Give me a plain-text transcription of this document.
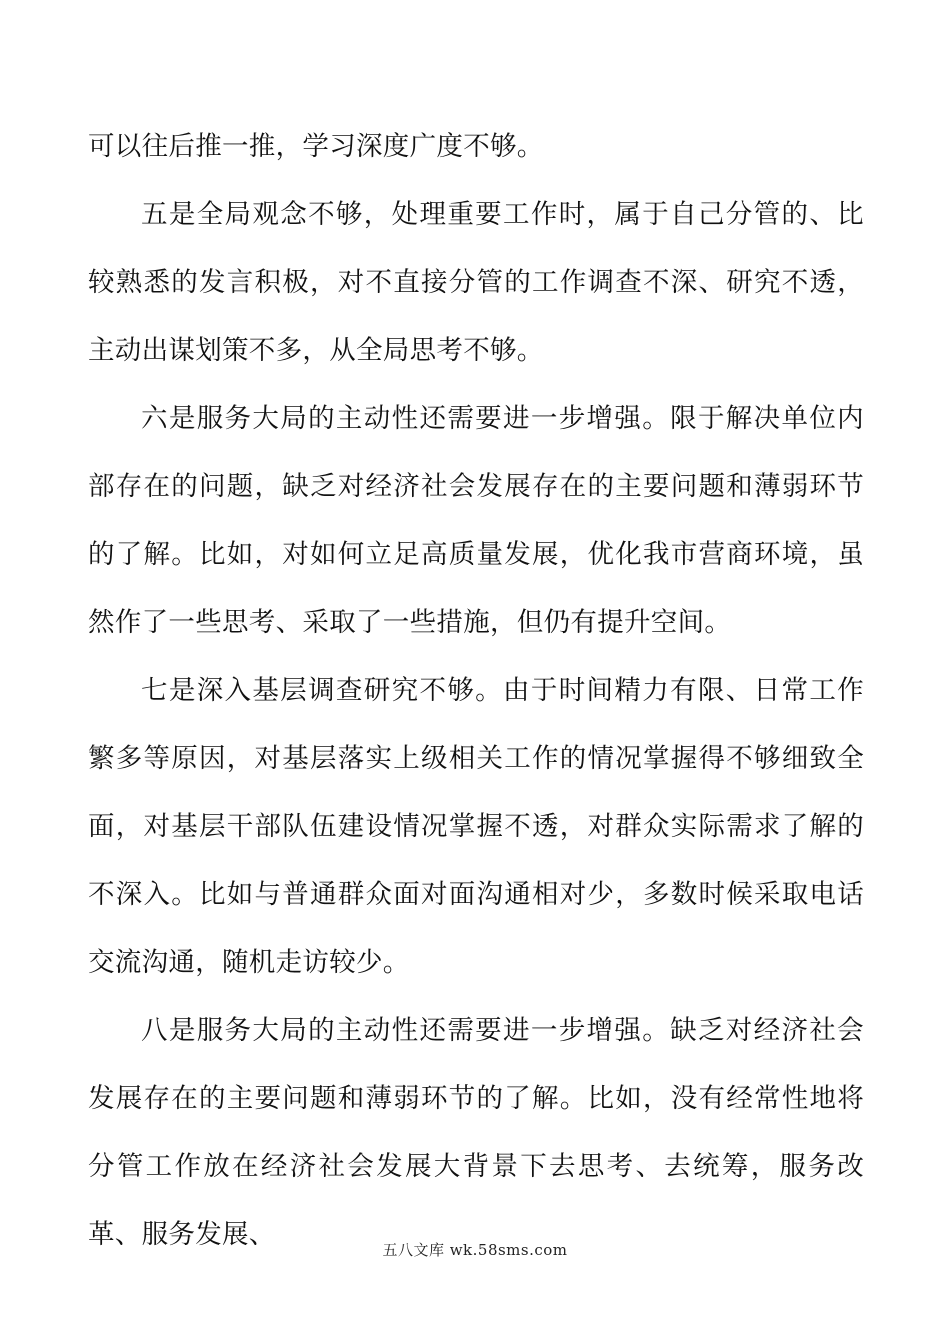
可以往后推一推，学习深度广度不够。

五是全局观念不够，处理重要工作时，属于自己分管的、比较熟悉的发言积极，对不直接分管的工作调查不深、研究不透，主动出谋划策不多，从全局思考不够。

六是服务大局的主动性还需要进一步增强。限于解决单位内部存在的问题，缺乏对经济社会发展存在的主要问题和薄弱环节的了解。比如，对如何立足高质量发展，优化我市营商环境，虽然作了一些思考、采取了一些措施，但仍有提升空间。

七是深入基层调查研究不够。由于时间精力有限、日常工作繁多等原因，对基层落实上级相关工作的情况掌握得不够细致全面，对基层干部队伍建设情况掌握不透，对群众实际需求了解的不深入。比如与普通群众面对面沟通相对少，多数时候采取电话交流沟通，随机走访较少。

八是服务大局的主动性还需要进一步增强。缺乏对经济社会发展存在的主要问题和薄弱环节的了解。比如，没有经常性地将分管工作放在经济社会发展大背景下去思考、去统筹，服务改革、服务发展、	五八文库 wk.58sms.com
